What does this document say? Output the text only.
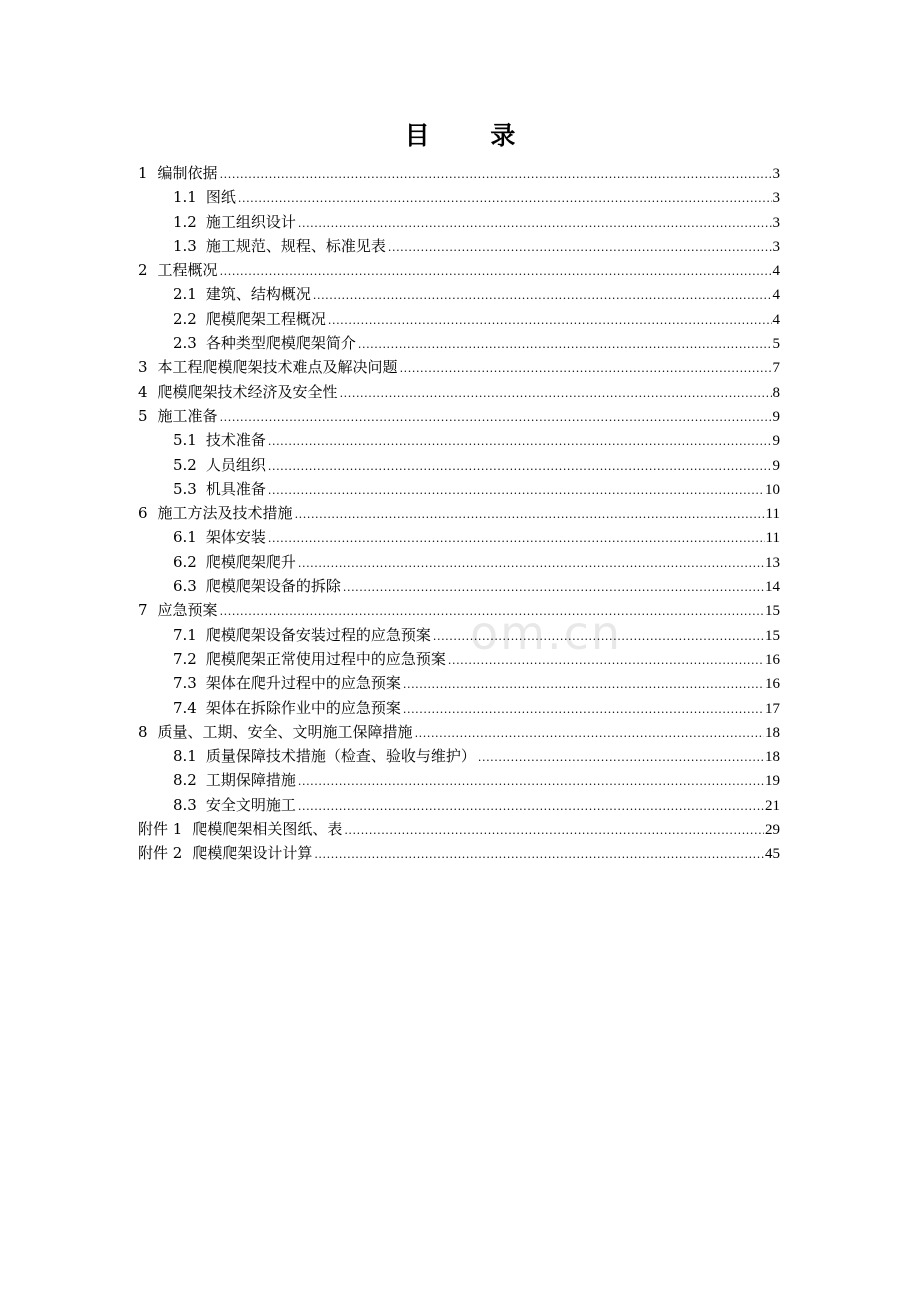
目 录
1 编制依据 .....	3
1.1 图纸 .....	3
1.2 施工组织设计 .....	3
1.3 施工规范、规程、标准见表 .....	3
2 工程概况 .....	4
2.1 建筑、结构概况 .....	4
2.2 爬模爬架工程概况 .....	4
2.3 各种类型爬模爬架简介 .....	5
3 本工程爬模爬架技术难点及解决问题 .....	7
4 爬模爬架技术经济及安全性 .....	8
5 施工准备 .....	9
5.1 技术准备 .....	9
5.2 人员组织 .....	9
5.3 机具准备 .....	10
6 施工方法及技术措施 .....	11
6.1 架体安装 .....	11
6.2 爬模爬架爬升 .....	13
6.3 爬模爬架设备的拆除 .....	14
7 应急预案 .....	15
7.1 爬模爬架设备安装过程的应急预案 .....	15
7.2 爬模爬架正常使用过程中的应急预案 .....	16
7.3 架体在爬升过程中的应急预案 .....	16
7.4 架体在拆除作业中的应急预案 .....	17
8 质量、工期、安全、文明施工保障措施 .....	18
8.1 质量保障技术措施（检查、验收与维护） .....	18
8.2 工期保障措施 .....	19
8.3 安全文明施工 .....	21
附件 1 爬模爬架相关图纸、表 .....	29
附件 2 爬模爬架设计计算 .....	45
om.cn
